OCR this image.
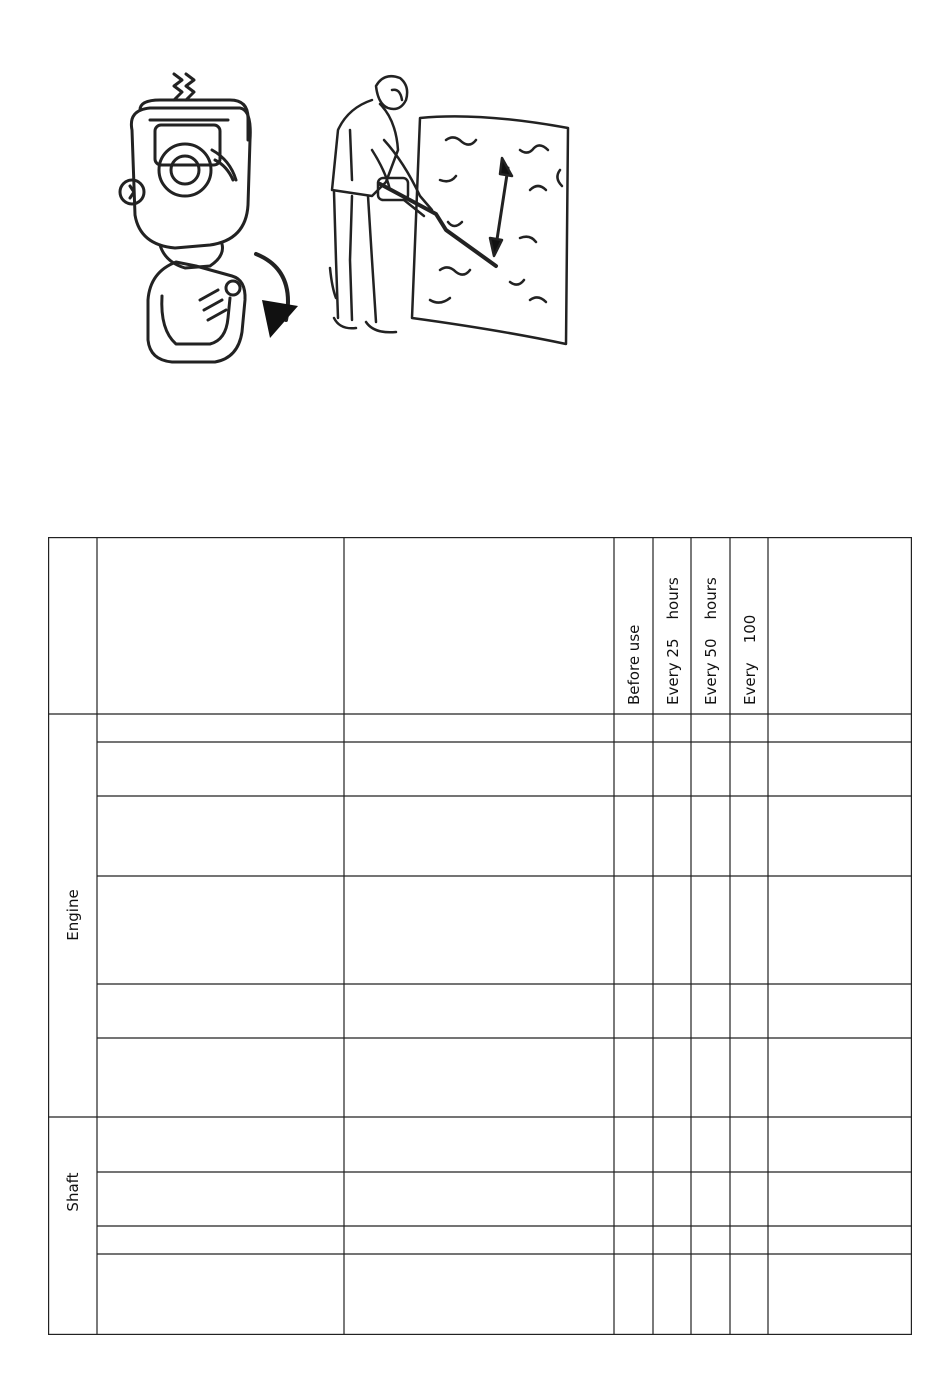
Before use Every 25    hours Every 50    hours Every    100
Engine
Shaft
